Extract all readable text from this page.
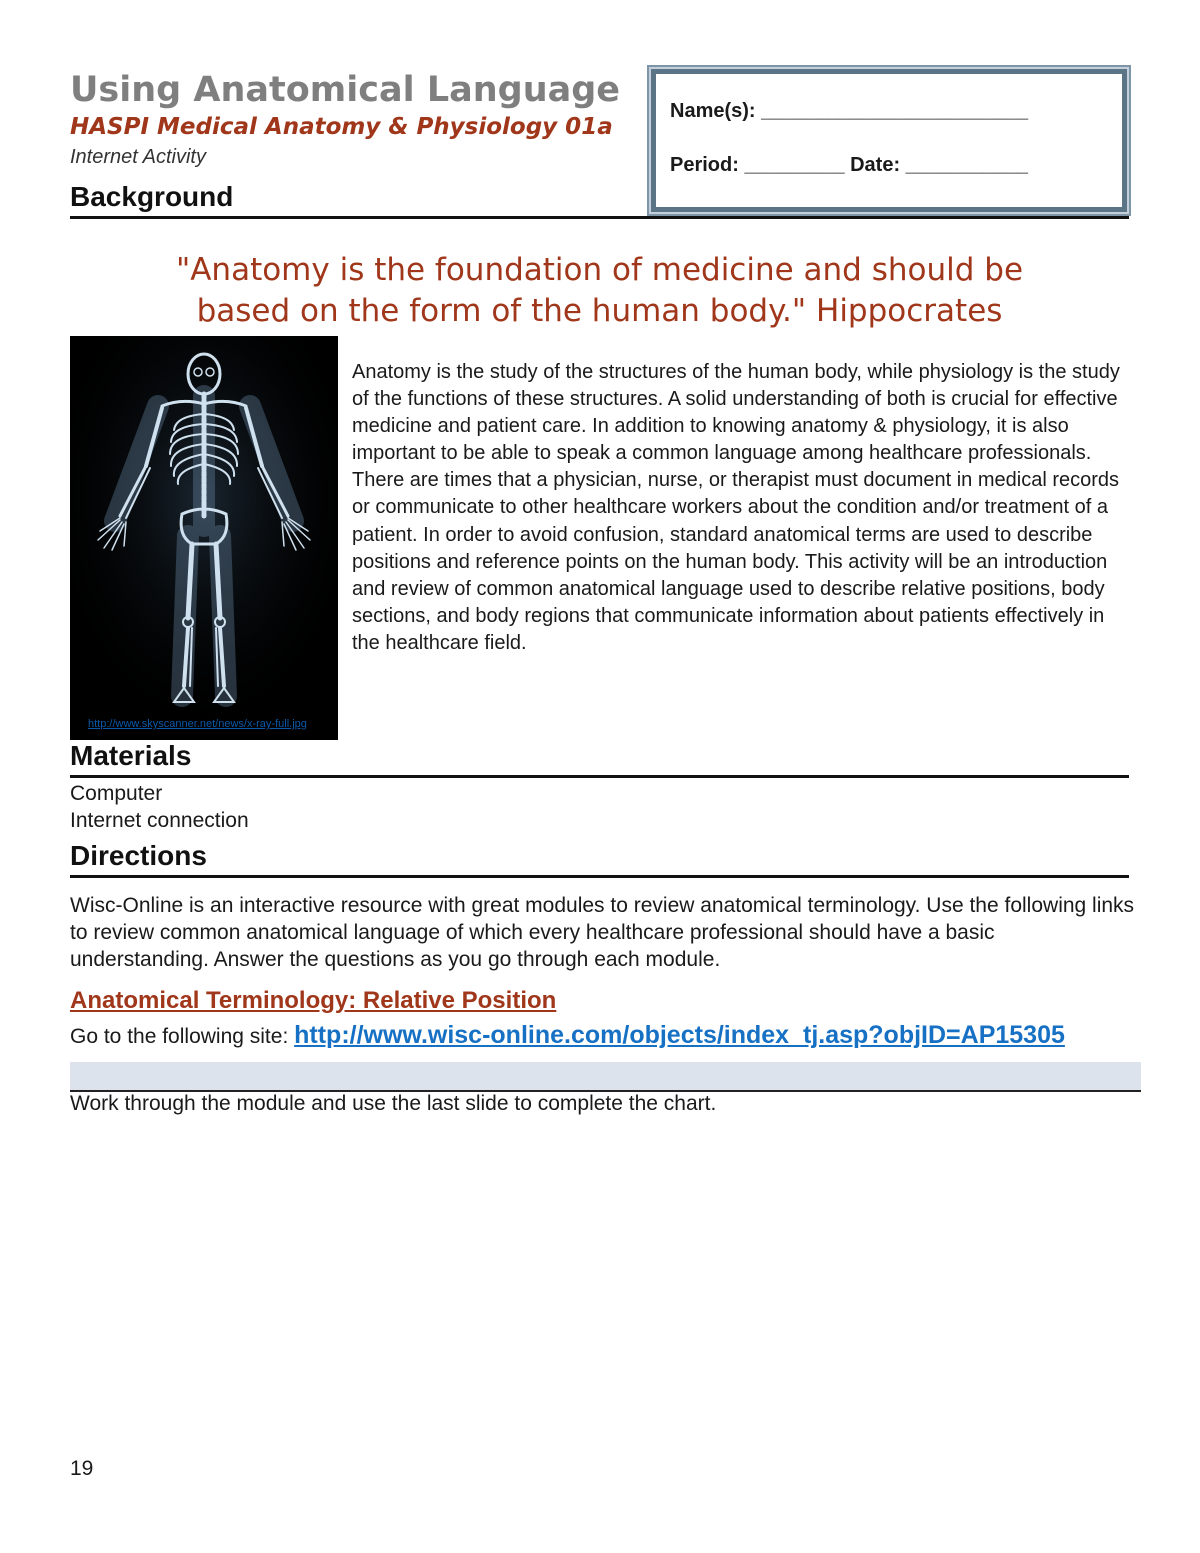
Using Anatomical Language
HASPI Medical Anatomy & Physiology 01a
Internet Activity
Name(s): ________________________
Period: _________ Date: ___________
Background
"Anatomy is the foundation of medicine and should be
based on the form of the human body." Hippocrates
http://www.skyscanner.net/news/x-ray-full.jpg
Anatomy is the study of the structures of the human body, while physiology is the study of the functions of these structures. A solid understanding of both is crucial for effective medicine and patient care. In addition to knowing anatomy & physiology, it is also important to be able to speak a common language among healthcare professionals. There are times that a physician, nurse, or therapist must document in medical records or communicate to other healthcare workers about the condition and/or treatment of a patient. In order to avoid confusion, standard anatomical terms are used to describe positions and reference points on the human body. This activity will be an introduction and review of common anatomical language used to describe relative positions, body sections, and body regions that communicate information about patients effectively in the healthcare field.
Materials
Computer
Internet connection
Directions
Wisc-Online is an interactive resource with great modules to review anatomical terminology. Use the following links to review common anatomical language of which every healthcare professional should have a basic understanding. Answer the questions as you go through each module.
Anatomical Terminology: Relative Position
Go to the following site: http://www.wisc-online.com/objects/index_tj.asp?objID=AP15305
Work through the module and use the last slide to complete the chart.
19
